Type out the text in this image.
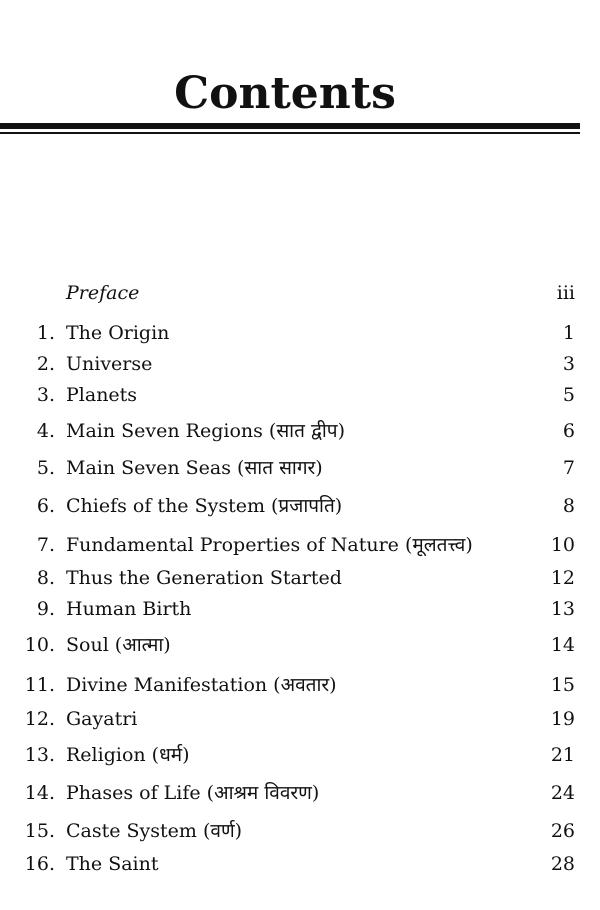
Contents
Preface	iii
1. The Origin	1
2. Universe	3
3. Planets	5
4. Main Seven Regions (सात द्वीप)	6
5. Main Seven Seas (सात सागर)	7
6. Chiefs of the System (प्रजापति)	8
7. Fundamental Properties of Nature (मूलतत्त्व)	10
8. Thus the Generation Started	12
9. Human Birth	13
10. Soul (आत्मा)	14
11. Divine Manifestation (अवतार)	15
12. Gayatri	19
13. Religion (धर्म)	21
14. Phases of Life (आश्रम विवरण)	24
15. Caste System (वर्ण)	26
16. The Saint	28
